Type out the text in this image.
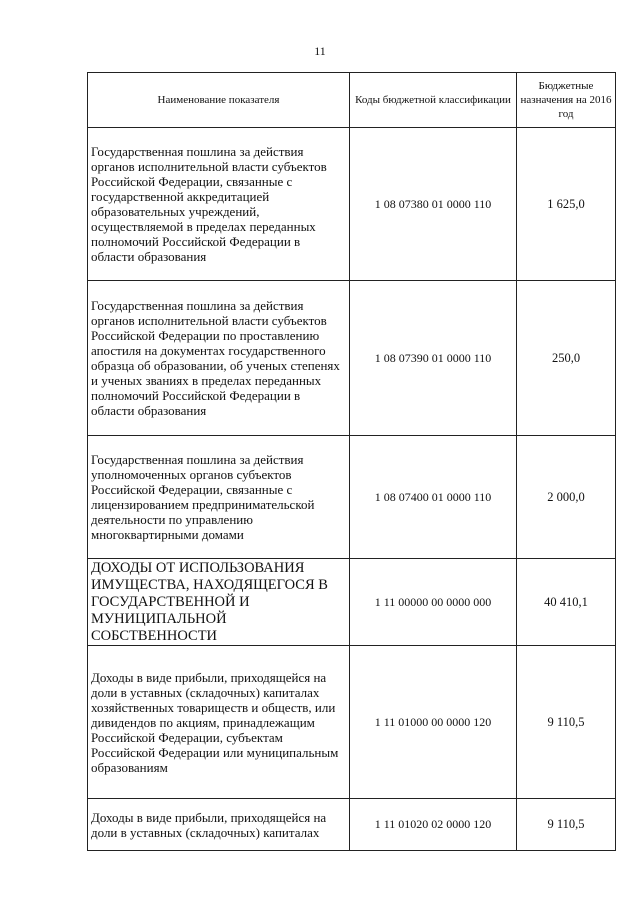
11
Наименование показателя	Коды бюджетной классификации	Бюджетные назначения на 2016 год
Государственная пошлина за действия органов исполнительной власти субъектов Российской Федерации, связанные с государственной аккредитацией образовательных учреждений, осуществляемой в пределах переданных полномочий Российской Федерации в области образования	1 08 07380 01 0000 110	1 625,0
Государственная пошлина за действия органов исполнительной власти субъектов Российской Федерации по проставлению апостиля на документах государственного образца об образовании, об ученых степенях и ученых званиях в пределах переданных полномочий Российской Федерации в области образования	1 08 07390 01 0000 110	250,0
Государственная пошлина за действия уполномоченных органов субъектов Российской Федерации, связанные с лицензированием предпринимательской деятельности по управлению многоквартирными домами	1 08 07400 01 0000 110	2 000,0
ДОХОДЫ ОТ ИСПОЛЬЗОВАНИЯ ИМУЩЕСТВА, НАХОДЯЩЕГОСЯ В ГОСУДАРСТВЕННОЙ И МУНИЦИПАЛЬНОЙ СОБСТВЕННОСТИ	1 11 00000 00 0000 000	40 410,1
Доходы в виде прибыли, приходящейся на доли в уставных (складочных) капиталах хозяйственных товариществ и обществ, или дивидендов по акциям, принадлежащим Российской Федерации, субъектам Российской Федерации или муниципальным образованиям	1 11 01000 00 0000 120	9 110,5
Доходы в виде прибыли, приходящейся на доли в уставных (складочных) капиталах	1 11 01020 02 0000 120	9 110,5
